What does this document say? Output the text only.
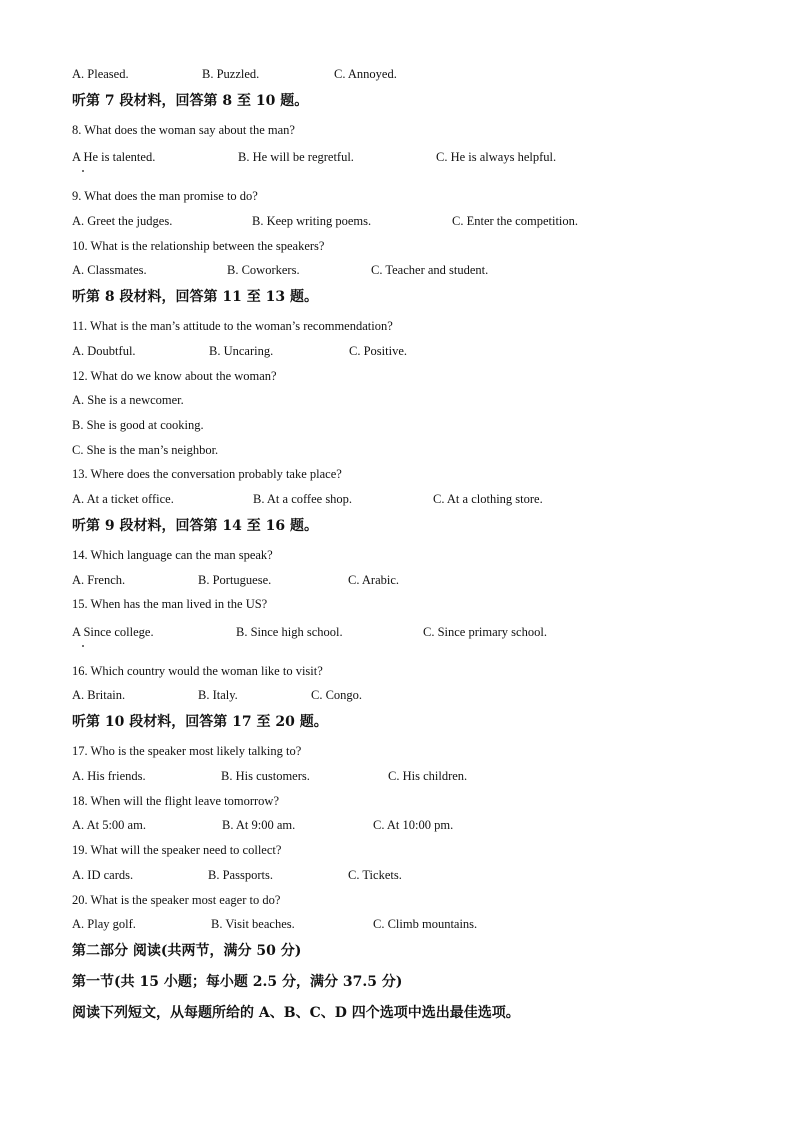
A. Pleased.	B. Puzzled.	C. Annoyed.
听第 7 段材料，回答第 8 至 10 题。
8. What does the woman say about the man?
A He is talented.	B. He will be regretful.	C. He is always helpful.
9. What does the man promise to do?
A. Greet the judges.	B. Keep writing poems.	C. Enter the competition.
10. What is the relationship between the speakers?
A. Classmates.	B. Coworkers.	C. Teacher and student.
听第 8 段材料，回答第 11 至 13 题。
11. What is the man’s attitude to the woman’s recommendation?
A. Doubtful.	B. Uncaring.	C. Positive.
12. What do we know about the woman?
A. She is a newcomer.
B. She is good at cooking.
C. She is the man’s neighbor.
13. Where does the conversation probably take place?
A. At a ticket office.	B. At a coffee shop.	C. At a clothing store.
听第 9 段材料，回答第 14 至 16 题。
14. Which language can the man speak?
A. French.	B. Portuguese.	C. Arabic.
15. When has the man lived in the US?
A Since college.	B. Since high school.	C. Since primary school.
16. Which country would the woman like to visit?
A. Britain.	B. Italy.	C. Congo.
听第 10 段材料，回答第 17 至 20 题。
17. Who is the speaker most likely talking to?
A. His friends.	B. His customers.	C. His children.
18. When will the flight leave tomorrow?
A. At 5:00 am.	B. At 9:00 am.	C. At 10:00 pm.
19. What will the speaker need to collect?
A. ID cards.	B. Passports.	C. Tickets.
20. What is the speaker most eager to do?
A. Play golf.	B. Visit beaches.	C. Climb mountains.
第二部分 阅读(共两节，满分 50 分)
第一节(共 15 小题；每小题 2.5 分，满分 37.5 分)
阅读下列短文，从每题所给的 A、B、C、D 四个选项中选出最佳选项。
